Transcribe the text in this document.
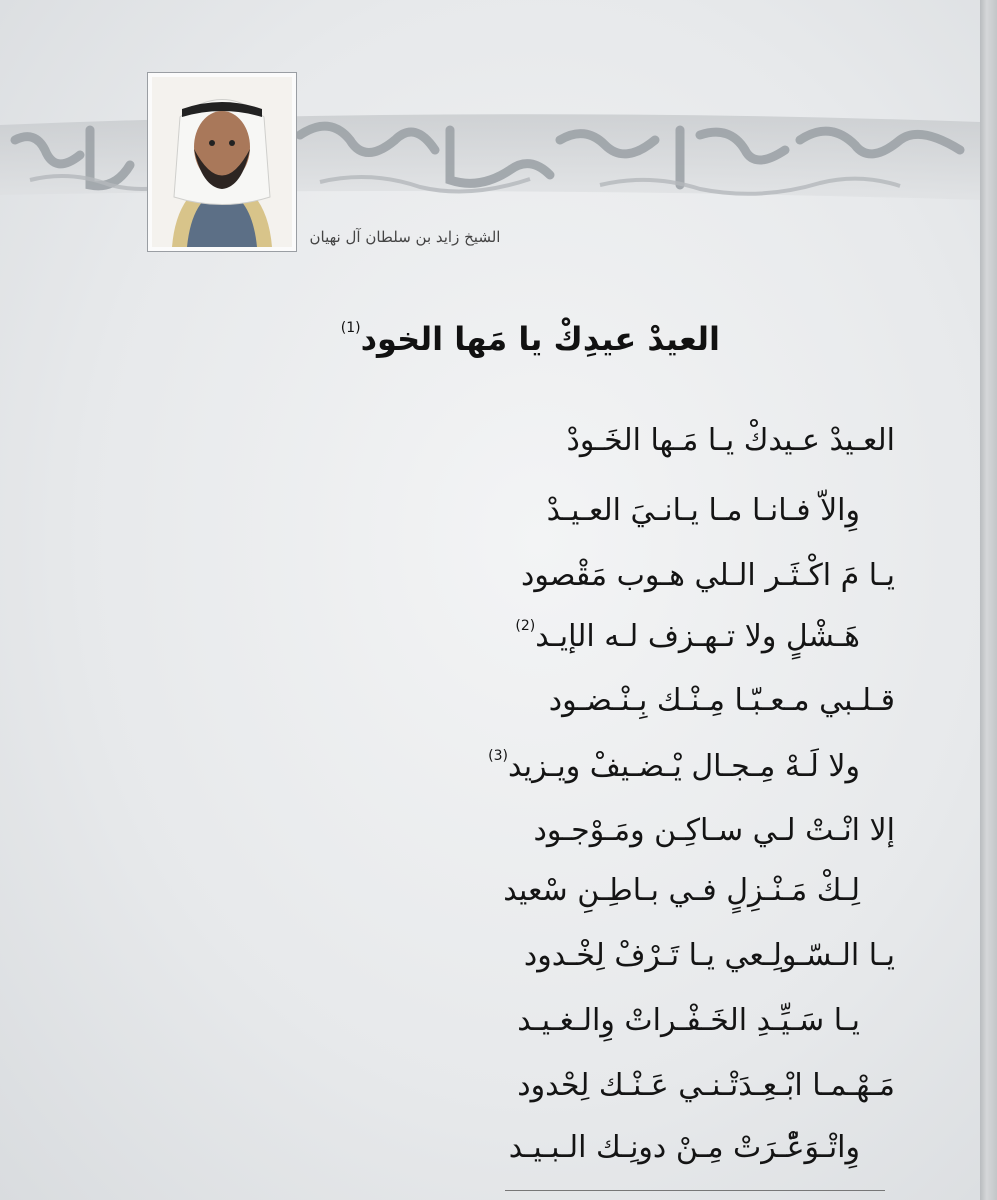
الشيخ زايد بن سلطان آل نهيان
العيدْ عيدِكْ يا مَها الخود$^{(1)}$
العـيدْ عـيدكْ يـا مَـها الخَـودْ
وِالاّ فـانـا مـا يـانـيَ العـيـدْ
يـا مَ اكْـثَـر الـلي هـوب مَقْصود
هَـشْلٍ ولا تـهـزف لـه الإيـد$^{(2)}$
قـلـبي مـعـبّـا مِـنْـك بِـنْـضـود
ولا لَـهْ مِـجـال يْـضـيفْ ويـزيد$^{(3)}$
إلا انْـتْ لـي سـاكِـن ومَـوْجـود
لِـكْ مَـنْـزِلٍ فـي بـاطِـنِ سْعيد
يـا الـسّـولِـعي يـا تَـرْفْ لِخْـدود
يـا سَـيِّـدِ الخَـفْـراتْ وِالـغـيـد
مَـهْـمـا ابْـعِـدَتْـنـي عَـنْـك لِحْدود
وِاتْـوَعّْـرَتْ مِـنْ دونِـك الـبـيـد
